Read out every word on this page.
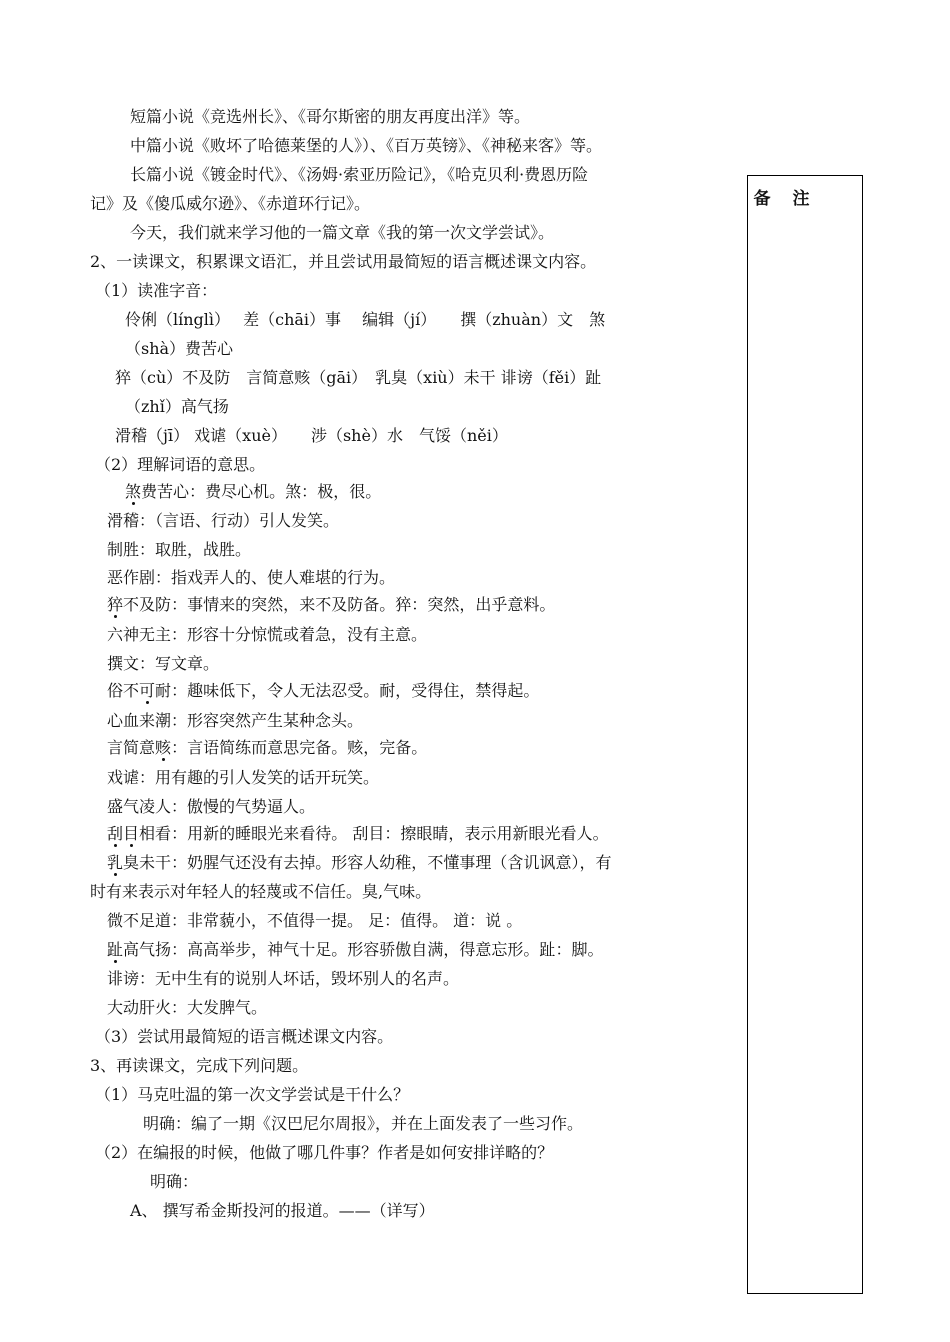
备 注
短篇小说《竞选州长》、《哥尔斯密的朋友再度出洋》等。
中篇小说《败坏了哈德莱堡的人》）、《百万英镑》、《神秘来客》等。
长篇小说《镀金时代》、《汤姆·索亚历险记》，《哈克贝利·费恩历险
记》及《傻瓜威尔逊》、《赤道环行记》。
今天，我们就来学习他的一篇文章《我的第一次文学尝试》。
2、一读课文，积累课文语汇，并且尝试用最简短的语言概述课文内容。
（1）读准字音：
伶俐（línglì）　 差（chāi）事　 编辑（jí）　　撰（zhuàn）文　煞
（shà）费苦心
猝（cù）不及防　言简意赅（gāi）　乳臭（xiù）未干 诽谤（fěi）趾
（zhǐ）高气扬
滑稽（jī） 戏谑（xuè）　　涉（shè）水　气馁（něi）
（2）理解词语的意思。
煞费苦心：费尽心机。煞：极，很。
滑稽：（言语、行动）引人发笑。
制胜：取胜，战胜。
恶作剧：指戏弄人的、使人难堪的行为。
猝不及防：事情来的突然，来不及防备。猝：突然，出乎意料。
六神无主：形容十分惊慌或着急，没有主意。
撰文：写文章。
俗不可耐：趣味低下，令人无法忍受。耐，受得住，禁得起。
心血来潮：形容突然产生某种念头。
言简意赅：言语简练而意思完备。赅，完备。
戏谑：用有趣的引人发笑的话开玩笑。
盛气凌人：傲慢的气势逼人。
刮目相看：用新的睡眼光来看待。 刮目：擦眼睛，表示用新眼光看人。
乳臭未干：奶腥气还没有去掉。形容人幼稚，不懂事理（含讥讽意），有
时有来表示对年轻人的轻蔑或不信任。臭,气味。
微不足道：非常藐小，不值得一提。 足：值得。 道：说 。
趾高气扬：高高举步，神气十足。形容骄傲自满，得意忘形。趾：脚。
诽谤：无中生有的说别人坏话，毁坏别人的名声。
大动肝火：大发脾气。
（3）尝试用最简短的语言概述课文内容。
3、再读课文，完成下列问题。
（1）马克吐温的第一次文学尝试是干什么？
明确：编了一期《汉巴尼尔周报》，并在上面发表了一些习作。
（2）在编报的时候，他做了哪几件事？作者是如何安排详略的？
明确：
A、 撰写希金斯投河的报道。——（详写）
